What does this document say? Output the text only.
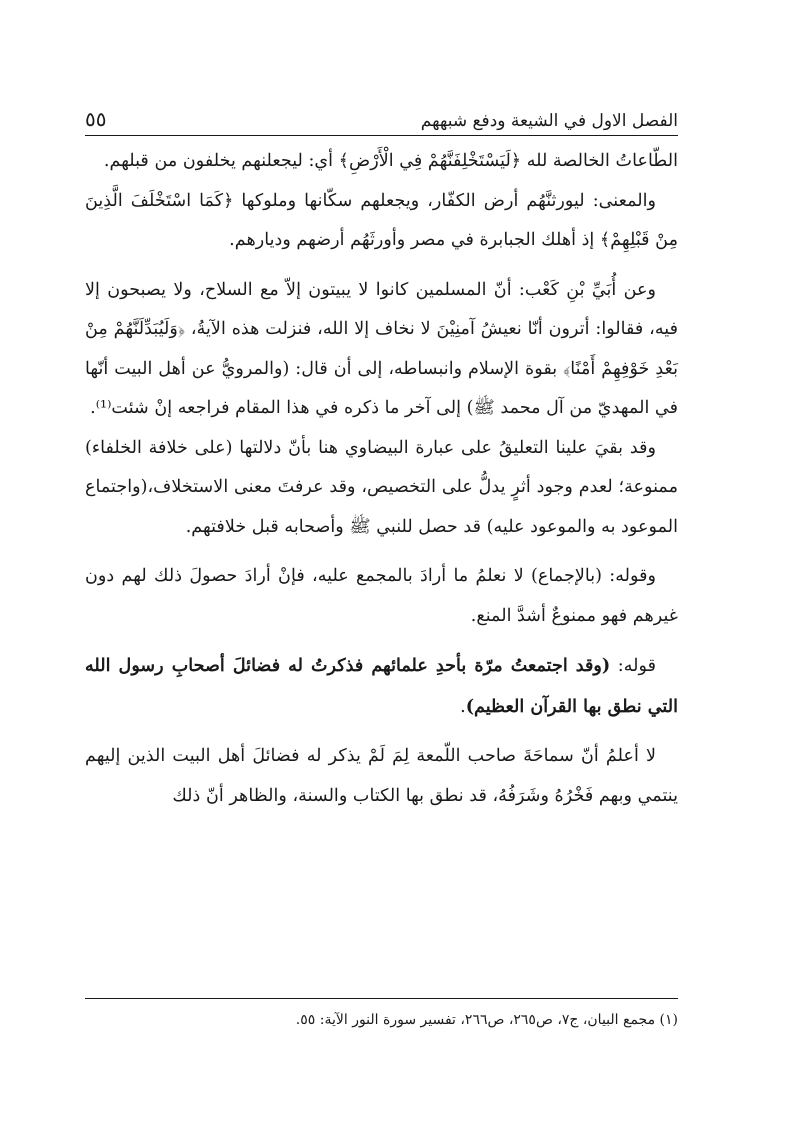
الفصل الاول في الشيعة ودفع شبههم
٥٥

الطّاعاتُ الخالصة لله ﴿لَيَسْتَخْلِفَنَّهُمْ فِي الْأَرْضِ﴾ أي: ليجعلنهم يخلفون من قبلهم.

والمعنى: ليورثنَّهُم أرض الكفّار، ويجعلهم سكّانها وملوكها ﴿كَمَا اسْتَخْلَفَ الَّذِينَ مِنْ قَبْلِهِمْ﴾ إذ أهلك الجبابرة في مصر وأورثَهُم أرضهم وديارهم.

وعن أُبَيِّ بْنِ كَعْب: أنّ المسلمين كانوا لا يبيتون إلاّ مع السلاح، ولا يصبحون إلا فيه، فقالوا: أترون أنّا نعيشُ آمنِيْنَ لا نخاف إلا الله، فنزلت هذه الآيةُ، ﴿وَلَيُبَدِّلَنَّهُمْ مِنْ بَعْدِ خَوْفِهِمْ أَمْنًا﴾ بقوة الإسلام وانبساطه، إلى أن قال: (والمرويُّ عن أهل البيت أنّها في المهديّ من آل محمد ﷺ) إلى آخر ما ذكره في هذا المقام فراجعه إنْ شئت⁽¹⁾.

وقد بقيَ علينا التعليقُ على عبارة البيضاوي هنا بأنّ دلالتها (على خلافة الخلفاء) ممنوعة؛ لعدم وجود أثرٍ يدلُّ على التخصيص، وقد عرفتَ معنى الاستخلاف،(واجتماع الموعود به والموعود عليه) قد حصل للنبي ﷺ وأصحابه قبل خلافتهم.

وقوله: (بالإجماع) لا نعلمُ ما أرادَ بالمجمع عليه، فإنْ أرادَ حصولَ ذلك لهم دون غيرهم فهو ممنوعٌ أشدَّ المنع.

قوله: (وقد اجتمعتُ مرّة بأحدِ علمائهم فذكرتُ له فضائلَ أصحابِ رسول الله التي نطق بها القرآن العظيم).

لا أعلمُ أنّ سماحَةَ صاحب اللّمعة لِمَ لَمْ يذكر له فضائلَ أهل البيت الذين إليهم ينتمي وبهم فَخْرُهُ وشَرَفُهُ، قد نطق بها الكتاب والسنة، والظاهر أنّ ذلك

(١) مجمع البيان، ج٧، ص٢٦٥، ص٢٦٦، تفسير سورة النور الآية: ٥٥.
